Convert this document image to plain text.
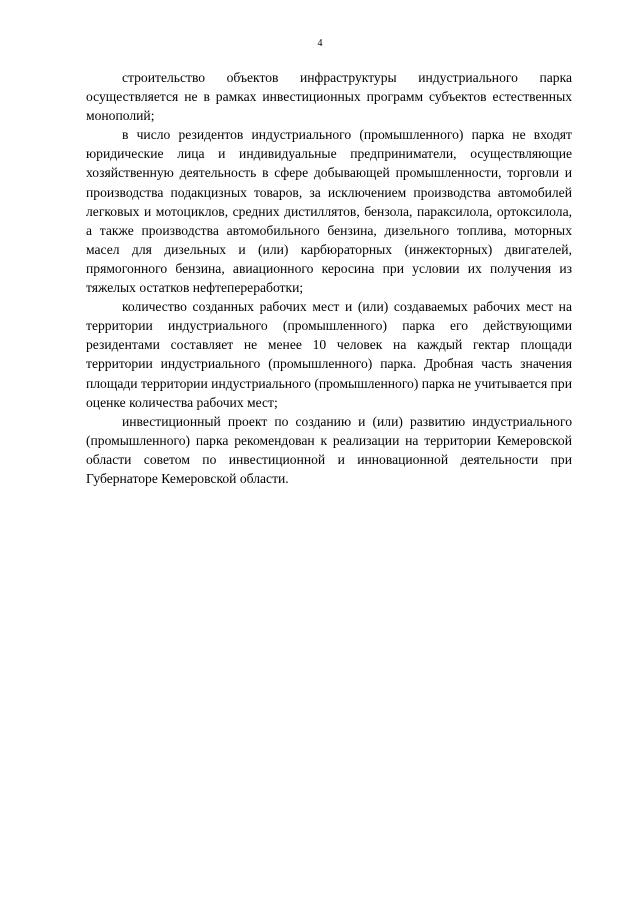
4

строительство объектов инфраструктуры индустриального парка осуществляется не в рамках инвестиционных программ субъектов естественных монополий;

в число резидентов индустриального (промышленного) парка не входят юридические лица и индивидуальные предприниматели, осуществляющие хозяйственную деятельность в сфере добывающей промышленности, торговли и производства подакцизных товаров, за исключением производства автомобилей легковых и мотоциклов, средних дистиллятов, бензола, параксилола, ортоксилола, а также производства автомобильного бензина, дизельного топлива, моторных масел для дизельных и (или) карбюраторных (инжекторных) двигателей, прямогонного бензина, авиационного керосина при условии их получения из тяжелых остатков нефтепереработки;

количество созданных рабочих мест и (или) создаваемых рабочих мест на территории индустриального (промышленного) парка его действующими резидентами составляет не менее 10 человек на каждый гектар площади территории индустриального (промышленного) парка. Дробная часть значения площади территории индустриального (промышленного) парка не учитывается при оценке количества рабочих мест;

инвестиционный проект по созданию и (или) развитию индустриального (промышленного) парка рекомендован к реализации на территории Кемеровской области советом по инвестиционной и инновационной деятельности при Губернаторе Кемеровской области.
